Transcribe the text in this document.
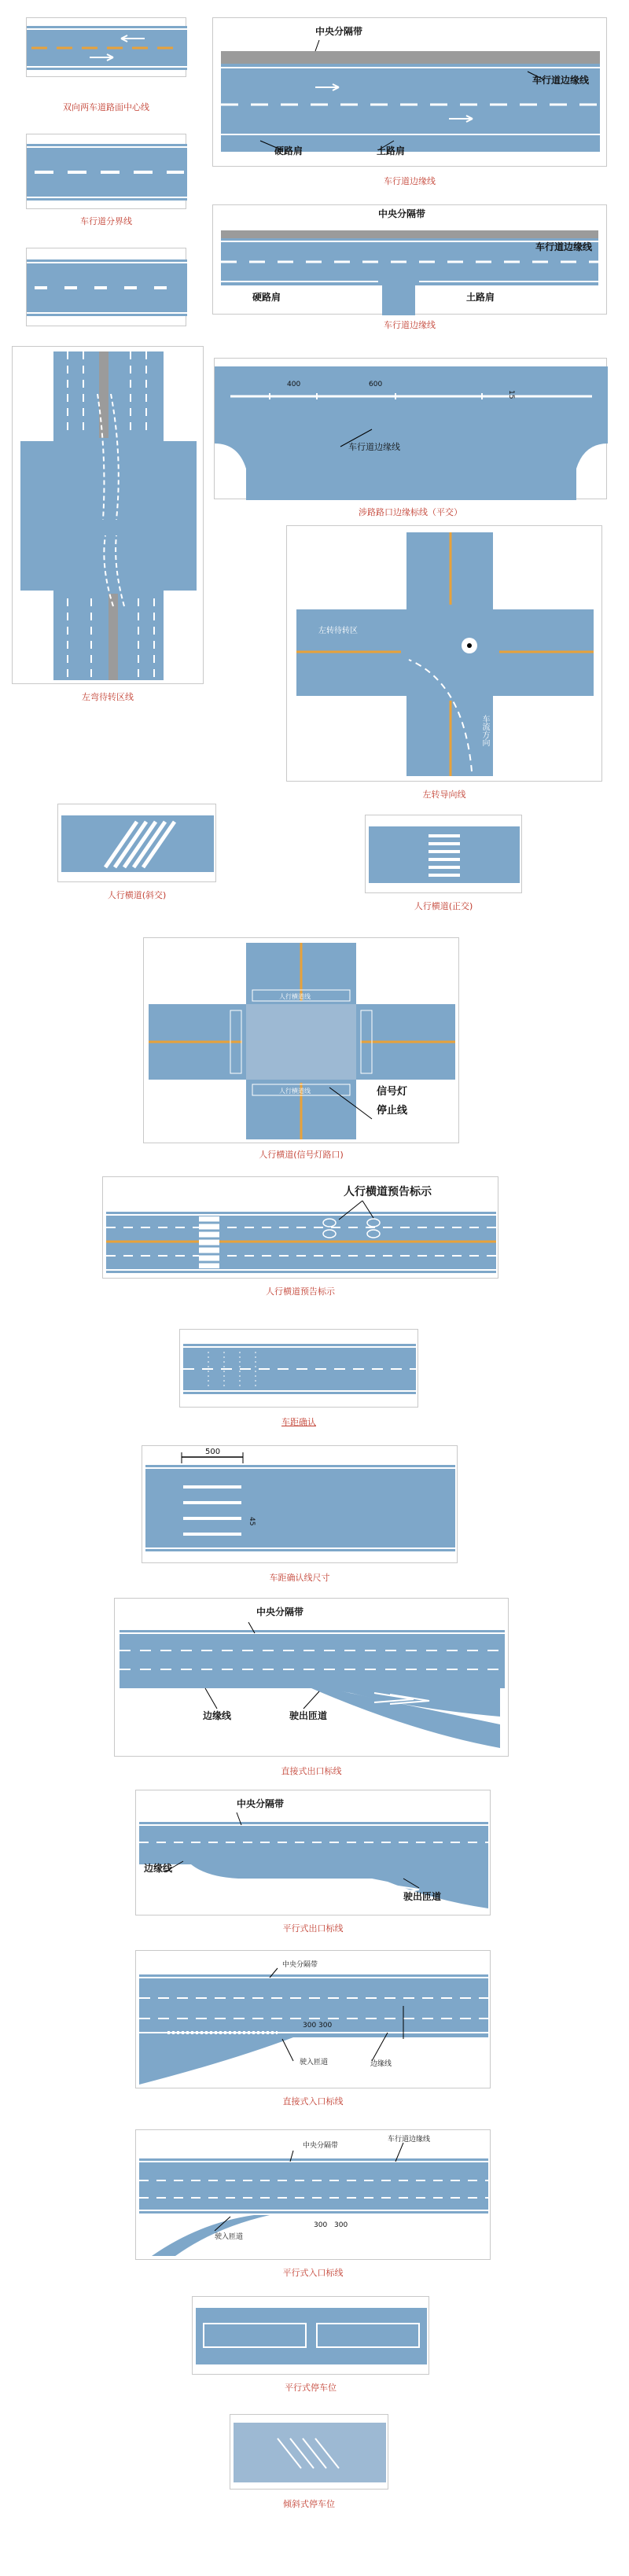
双向两车道路面中心线
车行道分界线
中央分隔带
车行道边缘线
硬路肩	土路肩
车行道边缘线
中央分隔带
车行道边缘线
硬路肩	土路肩
车行道边缘线
左转待转区
车流方向
左弯待转区线
400	600
15
车行道边缘线
涉路路口边缘标线（平交）
左转待转区
车流方向
左转导向线
人行横道(斜交)
人行横道(正交)
人行横道线
人行横道线	信号灯
停止线
人行横道(信号灯路口)
人行横道预告标示
人行横道预告标示
车距确认
500
45
车距确认线尺寸
中央分隔带
边缘线	驶出匝道
直接式出口标线
中央分隔带
边缘线
驶出匝道
平行式出口标线
中央分隔带
300 300
驶入匝道	边缘线
直接式入口标线
中央分隔带
车行道边缘线
驶入匝道
300 300
平行式入口标线
平行式停车位
倾斜式停车位
